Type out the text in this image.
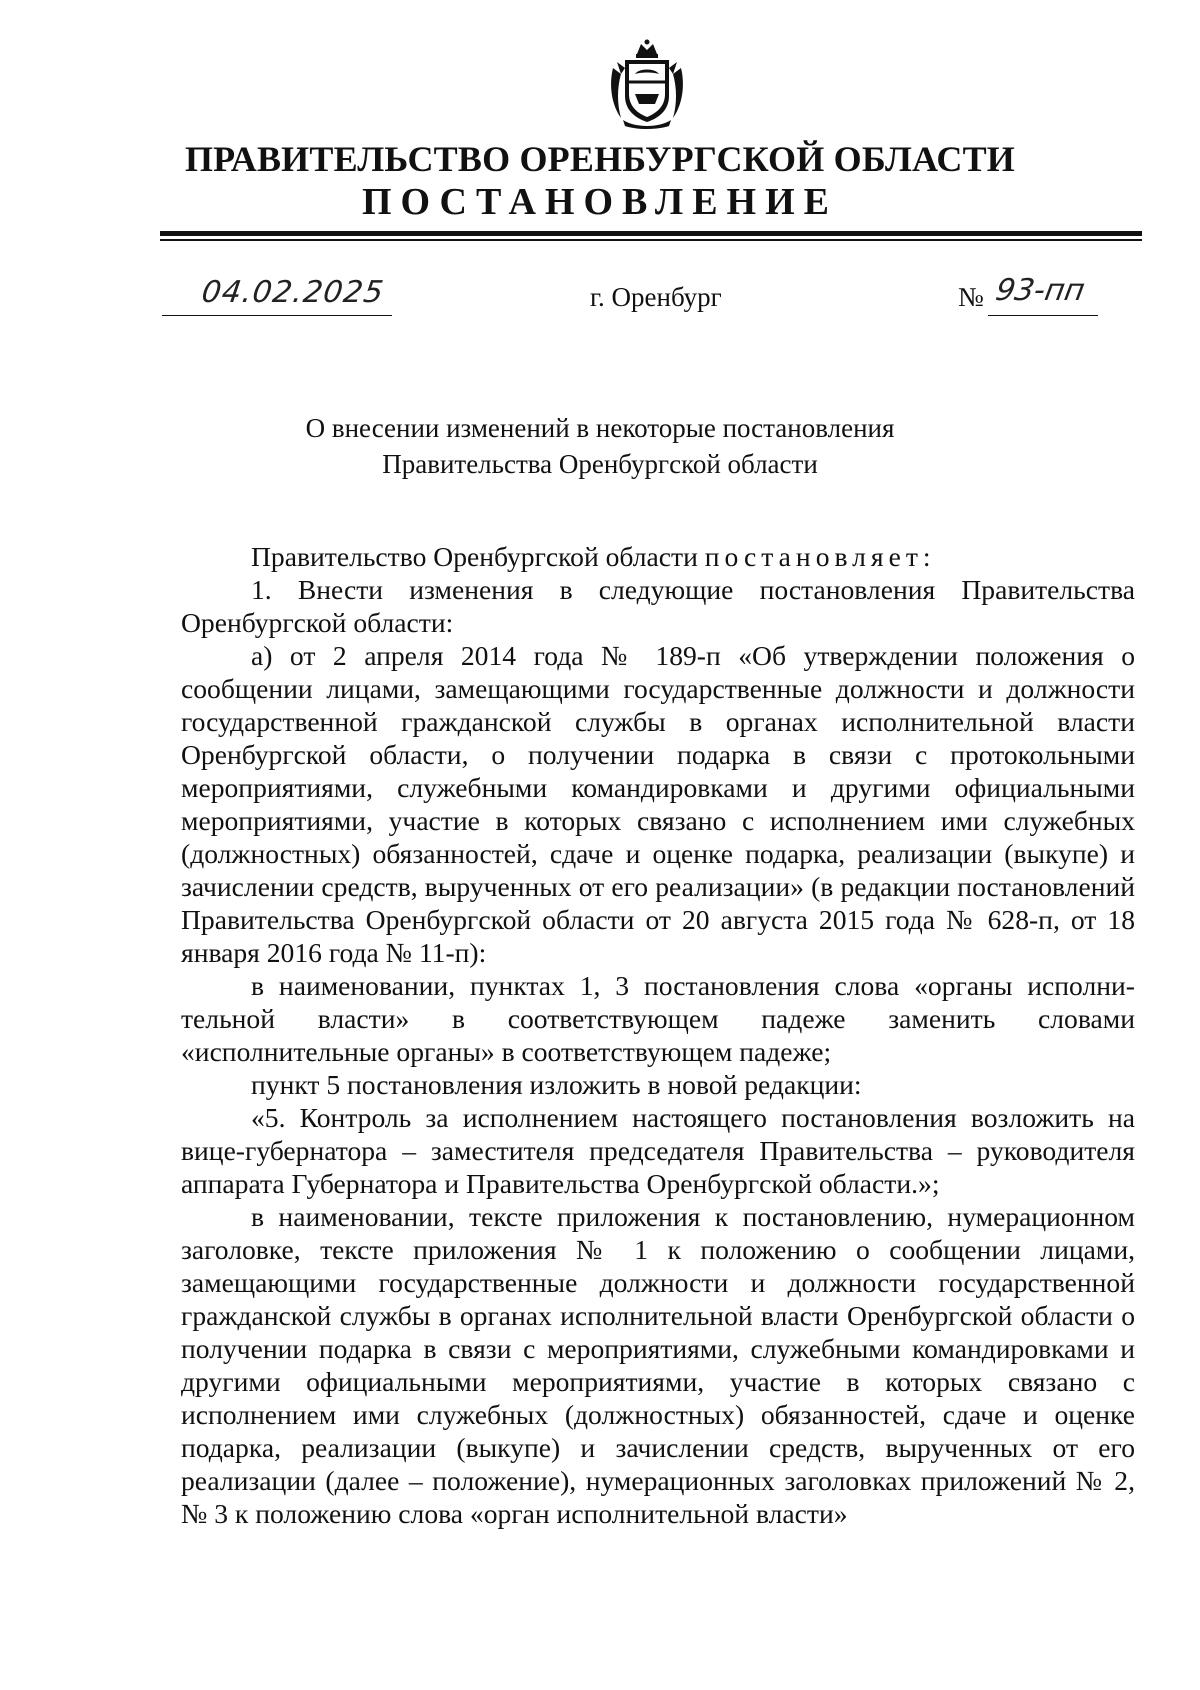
ПРАВИТЕЛЬСТВО ОРЕНБУРГСКОЙ ОБЛАСТИ
ПОСТАНОВЛЕНИЕ
04.02.2025	г. Оренбург	№ 93-пп
О внесении изменений в некоторые постановления
Правительства Оренбургской области

Правительство Оренбургской области постановляет:

1. Внести изменения в следующие постановления Правительства Оренбургской области:

а) от 2 апреля 2014 года № 189-п «Об утверждении положения о сообщении лицами, замещающими государственные должности и должности государственной гражданской службы в органах исполнительной власти Оренбургской области, о получении подарка в связи с протокольными мероприятиями, служебными командировками и другими официальными мероприятиями, участие в которых связано с исполнением ими служебных (должностных) обязанностей, сдаче и оценке подарка, реализации (выкупе) и зачислении средств, вырученных от его реализации» (в редакции постановлений Правительства Оренбургской области от 20 августа 2015 года № 628-п, от 18 января 2016 года № 11-п):

в наименовании, пунктах 1, 3 постановления слова «органы исполнительной власти» в соответствующем падеже заменить словами «исполнительные органы» в соответствующем падеже;

пункт 5 постановления изложить в новой редакции:

«5. Контроль за исполнением настоящего постановления возложить на вице-губернатора – заместителя председателя Правительства – руководителя аппарата Губернатора и Правительства Оренбургской области.»;

в наименовании, тексте приложения к постановлению, нумерационном заголовке, тексте приложения № 1 к положению о сообщении лицами, замещающими государственные должности и должности государственной гражданской службы в органах исполнительной власти Оренбургской области о получении подарка в связи с мероприятиями, служебными командировками и другими официальными мероприятиями, участие в которых связано с исполнением ими служебных (должностных) обязанностей, сдаче и оценке подарка, реализации (выкупе) и зачислении средств, вырученных от его реализации (далее – положение), нумерационных заголовках приложений № 2, № 3 к положению слова «орган исполнительной власти»
